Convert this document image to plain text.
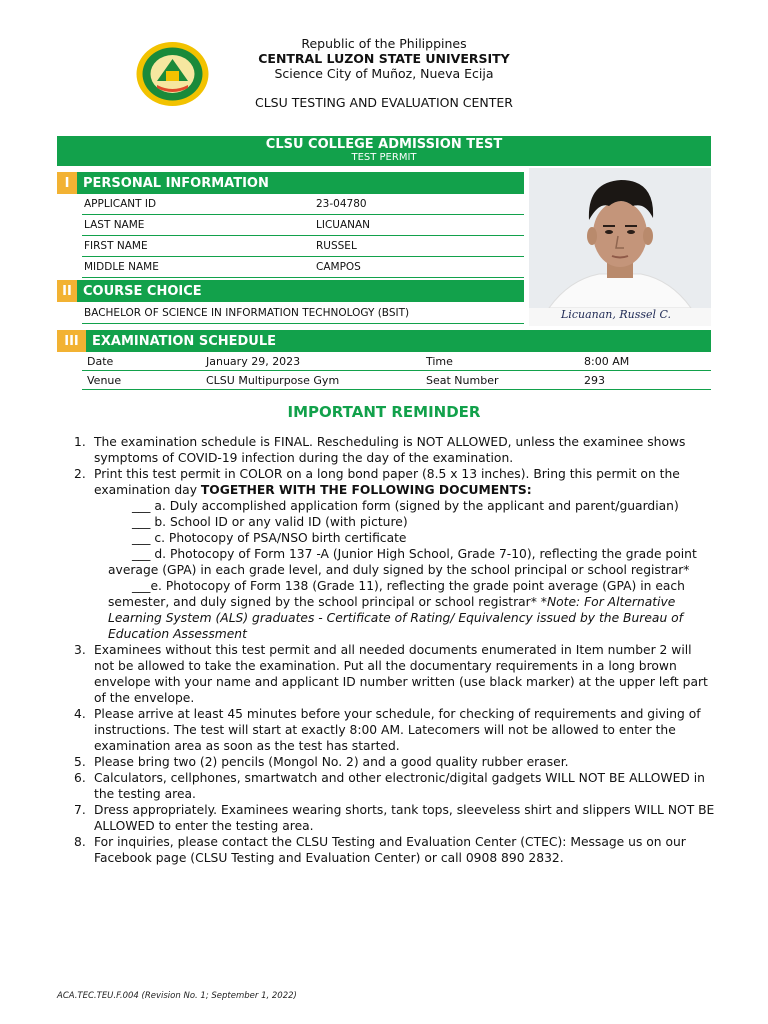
Republic of the Philippines
CENTRAL LUZON STATE UNIVERSITY
Science City of Muñoz, Nueva Ecija
CLSU TESTING AND EVALUATION CENTER
CLSU COLLEGE ADMISSION TEST
TEST PERMIT
I	PERSONAL INFORMATION
APPLICANT ID	23-04780
LAST NAME	LICUANAN
FIRST NAME	RUSSEL
MIDDLE NAME	CAMPOS
II COURSE CHOICE
BACHELOR OF SCIENCE IN INFORMATION TECHNOLOGY (BSIT)	Licuanan, Russel C.
III	EXAMINATION SCHEDULE
Date	January 29, 2023	Time	8:00 AM
Venue	CLSU Multipurpose Gym	Seat Number	293
IMPORTANT REMINDER
1. The examination schedule is FINAL. Rescheduling is NOT ALLOWED, unless the examinee shows symptoms of COVID-19 infection during the day of the examination.
2. Print this test permit in COLOR on a long bond paper (8.5 x 13 inches). Bring this permit on the examination day TOGETHER WITH THE FOLLOWING DOCUMENTS:
___ a. Duly accomplished application form (signed by the applicant and parent/guardian)
___ b. School ID or any valid ID (with picture)
___ c. Photocopy of PSA/NSO birth certificate
___ d. Photocopy of Form 137 -A (Junior High School, Grade 7-10), reflecting the grade point average (GPA) in each grade level, and duly signed by the school principal or school registrar*
___e. Photocopy of Form 138 (Grade 11), reflecting the grade point average (GPA) in each semester, and duly signed by the school principal or school registrar* *Note: For Alternative Learning System (ALS) graduates - Certificate of Rating/ Equivalency issued by the Bureau of Education Assessment
3. Examinees without this test permit and all needed documents enumerated in Item number 2 will not be allowed to take the examination. Put all the documentary requirements in a long brown envelope with your name and applicant ID number written (use black marker) at the upper left part of the envelope.
4. Please arrive at least 45 minutes before your schedule, for checking of requirements and giving of instructions. The test will start at exactly 8:00 AM. Latecomers will not be allowed to enter the examination area as soon as the test has started.
5. Please bring two (2) pencils (Mongol No. 2) and a good quality rubber eraser.
6. Calculators, cellphones, smartwatch and other electronic/digital gadgets WILL NOT BE ALLOWED in the testing area.
7. Dress appropriately. Examinees wearing shorts, tank tops, sleeveless shirt and slippers WILL NOT BE ALLOWED to enter the testing area.
8. For inquiries, please contact the CLSU Testing and Evaluation Center (CTEC): Message us on our Facebook page (CLSU Testing and Evaluation Center) or call 0908 890 2832.
ACA.TEC.TEU.F.004 (Revision No. 1; September 1, 2022)
